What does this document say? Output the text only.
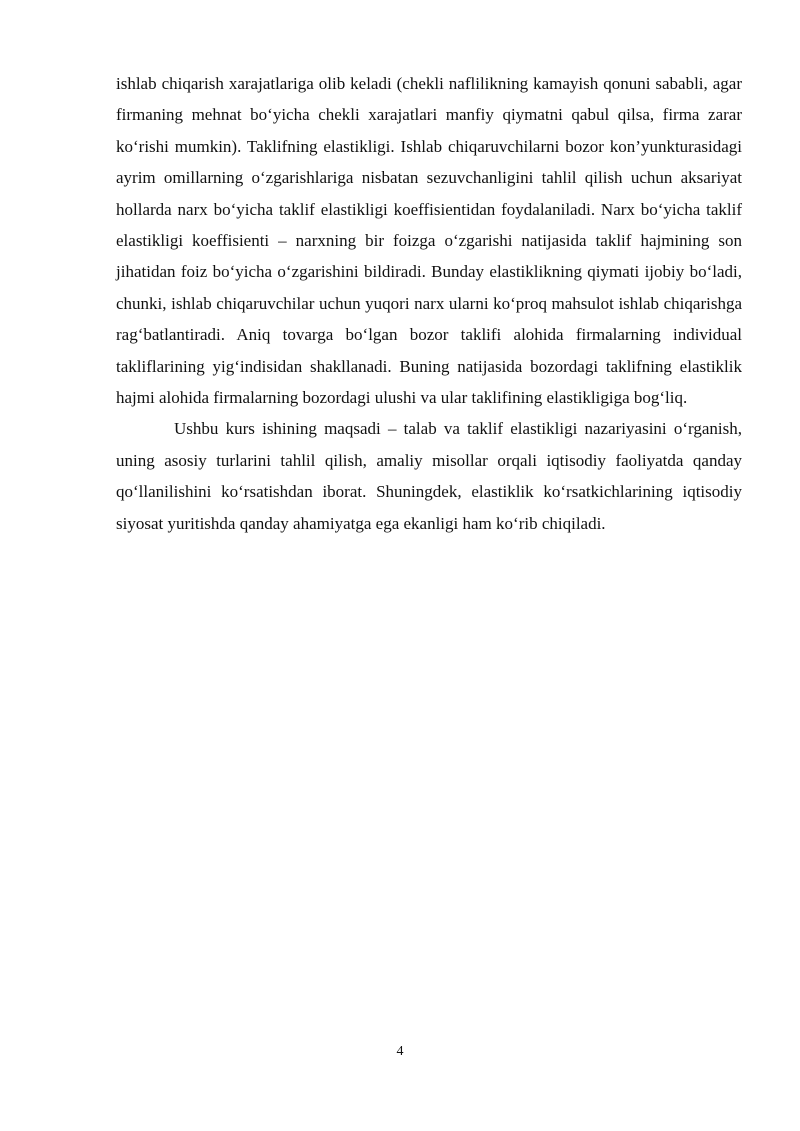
ishlab chiqarish xarajatlariga olib keladi (chekli naflilikning kamayish qonuni sababli, agar firmaning mehnat bo‘yicha chekli xarajatlari manfiy qiymatni qabul qilsa, firma zarar ko‘rishi mumkin). Taklifning elastikligi. Ishlab chiqaruvchilarni bozor kon’yunkturasidagi ayrim omillarning o‘zgarishlariga nisbatan sezuvchanligini tahlil qilish uchun aksariyat hollarda narx bo‘yicha taklif elastikligi koeffisientidan foydalaniladi. Narx bo‘yicha taklif elastikligi koeffisienti – narxning bir foizga o‘zgarishi natijasida taklif hajmining son jihatidan foiz bo‘yicha o‘zgarishini bildiradi. Bunday elastiklikning qiymati ijobiy bo‘ladi, chunki, ishlab chiqaruvchilar uchun yuqori narx ularni ko‘proq mahsulot ishlab chiqarishga rag‘batlantiradi. Aniq tovarga bo‘lgan bozor taklifi alohida firmalarning individual takliflarining yig‘indisidan shakllanadi. Buning natijasida bozordagi taklifning elastiklik hajmi alohida firmalarning bozordagi ulushi va ular taklifining elastikligiga bog‘liq.

Ushbu kurs ishining maqsadi – talab va taklif elastikligi nazariyasini o‘rganish, uning asosiy turlarini tahlil qilish, amaliy misollar orqali iqtisodiy faoliyatda qanday qo‘llanilishini ko‘rsatishdan iborat. Shuningdek, elastiklik ko‘rsatkichlarining iqtisodiy siyosat yuritishda qanday ahamiyatga ega ekanligi ham ko‘rib chiqiladi.

4
